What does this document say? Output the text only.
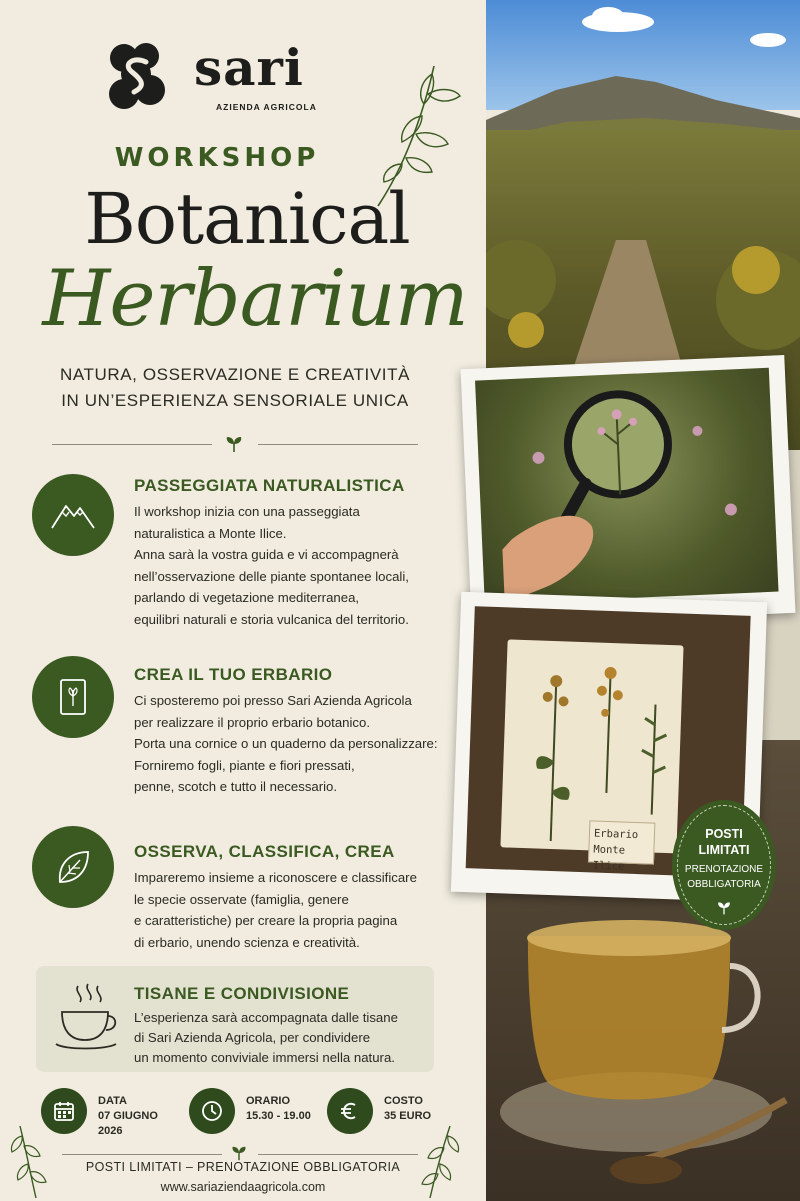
sari
AZIENDA AGRICOLA
WORKSHOP
Botanical
Herbarium
NATURA, OSSERVAZIONE E CREATIVITÀ
IN UN’ESPERIENZA SENSORIALE UNICA
PASSEGGIATA NATURALISTICA
Il workshop inizia con una passeggiata
naturalistica a Monte Ilice.
Anna sarà la vostra guida e vi accompagnerà
nell’osservazione delle piante spontanee locali,
parlando di vegetazione mediterranea,
equilibri naturali e storia vulcanica del territorio.
CREA IL TUO ERBARIO
Ci sposteremo poi presso Sari Azienda Agricola
per realizzare il proprio erbario botanico.
Porta una cornice o un quaderno da personalizzare:
Forniremo fogli, piante e fiori pressati,
penne, scotch e tutto il necessario.
OSSERVA, CLASSIFICA, CREA
Impareremo insieme a riconoscere e classificare
le specie osservate (famiglia, genere
e caratteristiche) per creare la propria pagina
di erbario, unendo scienza e creatività.
TISANE E CONDIVISIONE
L’esperienza sarà accompagnata dalle tisane
di Sari Azienda Agricola, per condividere
un momento conviviale immersi nella natura.
DATA
07 GIUGNO
2026
ORARIO
15.30 - 19.00
COSTO
35 EURO
POSTI LIMITATI – PRENOTAZIONE OBBLIGATORIA
www.sariaziendaagricola.com
Erbario
Monte Ilice
POSTI
LIMITATI
PRENOTAZIONE
OBBLIGATORIA
